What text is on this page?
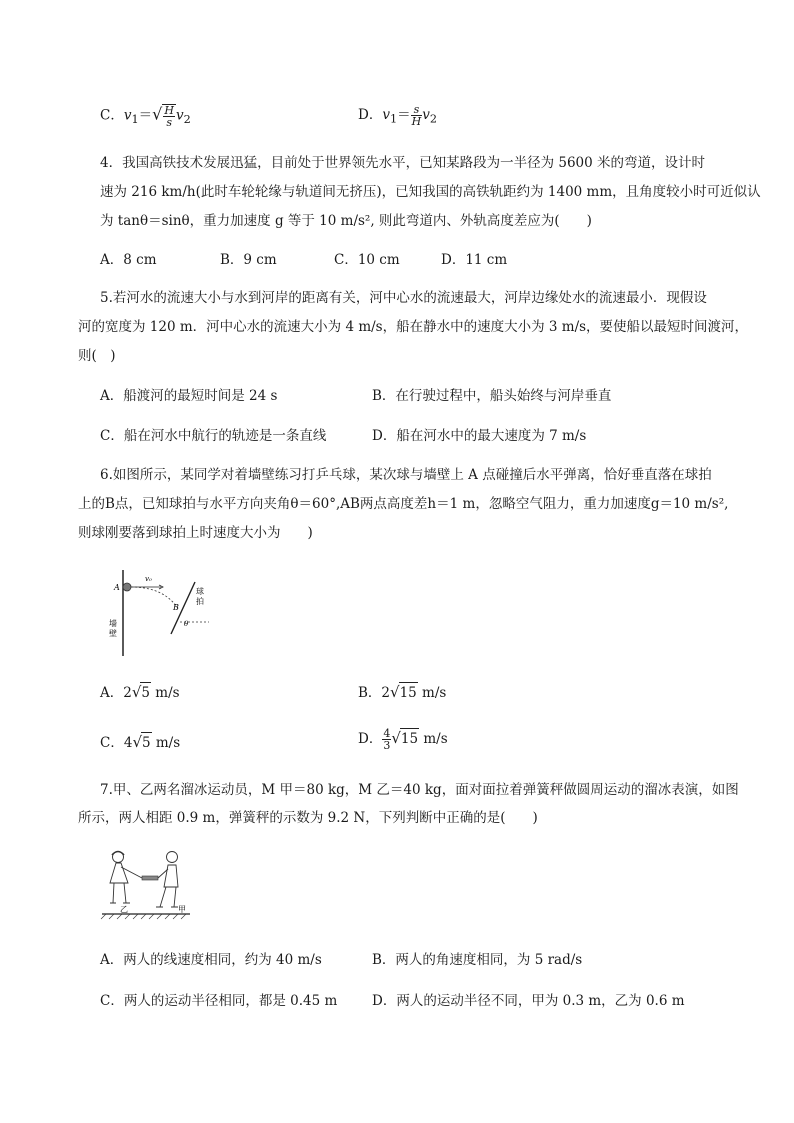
C．$v_1=√ \frac{H}{s} v_2$	D．$v_1= \frac{s}{H} v_2$
4．我国高铁技术发展迅猛，目前处于世界领先水平，已知某路段为一半径为 5600 米的弯道，设计时
速为 216 km/h(此时车轮轮缘与轨道间无挤压)，已知我国的高铁轨距约为 1400 mm，且角度较小时可近似认
为 tanθ＝sinθ，重力加速度 g 等于 10 m/s², 则此弯道内、外轨高度差应为(　　)
A．8 cm	B．9 cm	C．10 cm	D．11 cm
5.若河水的流速大小与水到河岸的距离有关，河中心水的流速最大，河岸边缘处水的流速最小．现假设
河的宽度为 120 m．河中心水的流速大小为 4 m/s，船在静水中的速度大小为 3 m/s，要使船以最短时间渡河，
则(　)
A．船渡河的最短时间是 24 s	B．在行驶过程中，船头始终与河岸垂直
C．船在河水中航行的轨迹是一条直线	D．船在河水中的最大速度为 7 m/s
6.如图所示，某同学对着墙壁练习打乒乓球，某次球与墙壁上 A 点碰撞后水平弹离，恰好垂直落在球拍
上的B点，已知球拍与水平方向夹角θ＝60°,AB两点高度差h＝1 m，忽略空气阻力，重力加速度g＝10 m/s²,
则球刚要落到球拍上时速度大小为　　)
A
v₀
B
θ
墙
壁
球
拍
A．2√5 m/s	B．2√15 m/s
C．4√5 m/s	D． $\frac{4}{3} √15$ m/s
7.甲、乙两名溜冰运动员，M 甲＝80 kg，M 乙＝40 kg，面对面拉着弹簧秤做圆周运动的溜冰表演，如图
所示，两人相距 0.9 m，弹簧秤的示数为 9.2 N，下列判断中正确的是(　　)
乙	甲
A．两人的线速度相同，约为 40 m/s	B．两人的角速度相同，为 5 rad/s
C．两人的运动半径相同，都是 0.45 m	D．两人的运动半径不同，甲为 0.3 m，乙为 0.6 m
